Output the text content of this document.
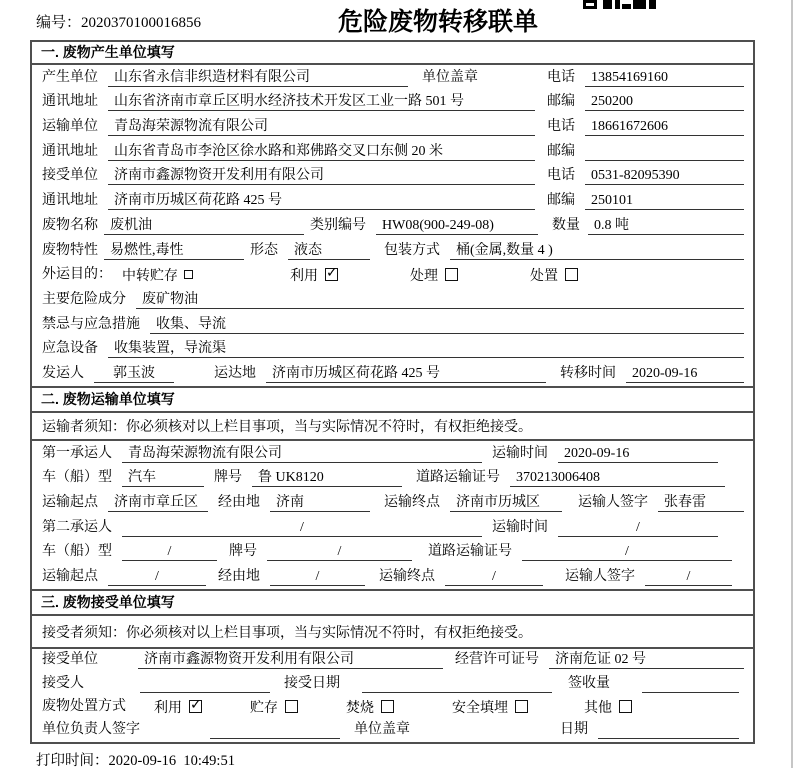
编号：2020370100016856	危险废物转移联单
一. 废物产生单位填写
产生单位	山东省永信非织造材料有限公司	单位盖章	电话	13854169160
通讯地址	山东省济南市章丘区明水经济技术开发区工业一路 501 号	邮编	250200
运输单位	青岛海荣源物流有限公司	电话	18661672606
通讯地址	山东省青岛市李沧区徐水路和郑佛路交叉口东侧 20 米	邮编
接受单位	济南市鑫源物资开发利用有限公司	电话	0531-82095390
通讯地址	济南市历城区荷花路 425 号	邮编	250101
废物名称 废机油	类别编号	HW08(900-249-08)	数量	0.8 吨
废物特性 易燃性,毒性	形态	液态	包装方式	桶(金属,数量 4 )
外运目的： 中转贮存	利用 ✓	处理	处置
主要危险成分	废矿物油
禁忌与应急措施	收集、导流
应急设备	收集装置，导流渠
发运人	郭玉波	运达地	济南市历城区荷花路 425 号	转移时间	2020-09-16
二. 废物运输单位填写
运输者须知：你必须核对以上栏目事项，当与实际情况不符时，有权拒绝接受。
第一承运人	青岛海荣源物流有限公司	运输时间	2020-09-16
车（船）型	汽车	牌号	鲁 UK8120	道路运输证号	370213006408
运输起点	济南市章丘区	经由地	济南	运输终点	济南市历城区	运输人签字	张春雷
第二承运人	/	运输时间	/
车（船）型	/	牌号	/	道路运输证号	/
运输起点	/	经由地	/	运输终点	/	运输人签字	/
三. 废物接受单位填写
接受者须知：你必须核对以上栏目事项，当与实际情况不符时，有权拒绝接受。
接受单位	济南市鑫源物资开发利用有限公司	经营许可证号	济南危证 02 号
接受人	接受日期	签收量
废物处置方式 利用 ✓	贮存	焚烧	安全填埋	其他
单位负责人签字	单位盖章	日期
打印时间：2020-09-16  10:49:51
